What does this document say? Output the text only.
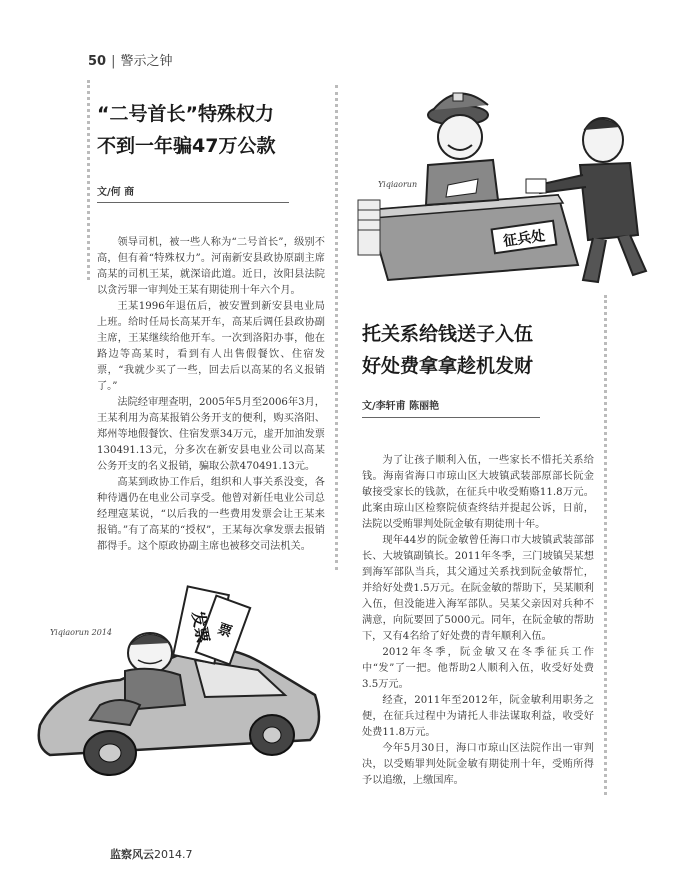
50 | 警示之钟
“二号首长”特殊权力
不到一年骗47万公款
文/何 商

领导司机，被一些人称为“二号首长”，级别不高，但有着“特殊权力”。河南新安县政协原副主席高某的司机王某，就深谙此道。近日，汝阳县法院以贪污罪一审判处王某有期徒刑十年六个月。

王某1996年退伍后，被安置到新安县电业局上班。给时任局长高某开车，高某后调任县政协副主席，王某继续给他开车。一次到洛阳办事，他在路边等高某时，看到有人出售假餐饮、住宿发票，“我就少买了一些，回去后以高某的名义报销了。”

法院经审理查明，2005年5月至2006年3月，王某利用为高某报销公务开支的便利，购买洛阳、郑州等地假餐饮、住宿发票34万元，虚开加油发票130491.13元，分多次在新安县电业公司以高某公务开支的名义报销，骗取公款470491.13元。

高某到政协工作后，组织和人事关系没变，各种待遇仍在电业公司享受。他曾对新任电业公司总经理寇某说，“以后我的一些费用发票会让王某来报销。”有了高某的“授权”，王某每次拿发票去报销都得手。这个原政协副主席也被移交司法机关。

征兵处
Yiqiaorun
托关系给钱送子入伍
好处费拿拿趁机发财
文/李轩甫 陈丽艳

为了让孩子顺利入伍，一些家长不惜托关系给钱。海南省海口市琼山区大坡镇武装部原部长阮金敏接受家长的钱款，在征兵中收受贿赂11.8万元。此案由琼山区检察院侦查终结并提起公诉，日前，法院以受贿罪判处阮金敏有期徒刑十年。

现年44岁的阮金敏曾任海口市大坡镇武装部部长、大坡镇副镇长。2011年冬季，三门坡镇吴某想到海军部队当兵，其父通过关系找到阮金敏帮忙，并给好处费1.5万元。在阮金敏的帮助下，吴某顺利入伍，但没能进入海军部队。吴某父亲因对兵种不满意，向阮要回了5000元。同年，在阮金敏的帮助下，又有4名给了好处费的青年顺利入伍。

2012年冬季，阮金敏又在冬季征兵工作中“发”了一把。他帮助2人顺利入伍，收受好处费3.5万元。

经查，2011年至2012年，阮金敏利用职务之便，在征兵过程中为请托人非法谋取利益，收受好处费11.8万元。

今年5月30日，海口市琼山区法院作出一审判决，以受贿罪判处阮金敏有期徒刑十年，受贿所得予以追缴，上缴国库。

发票 票
Yiqiaorun 2014
监察风云2014.7
